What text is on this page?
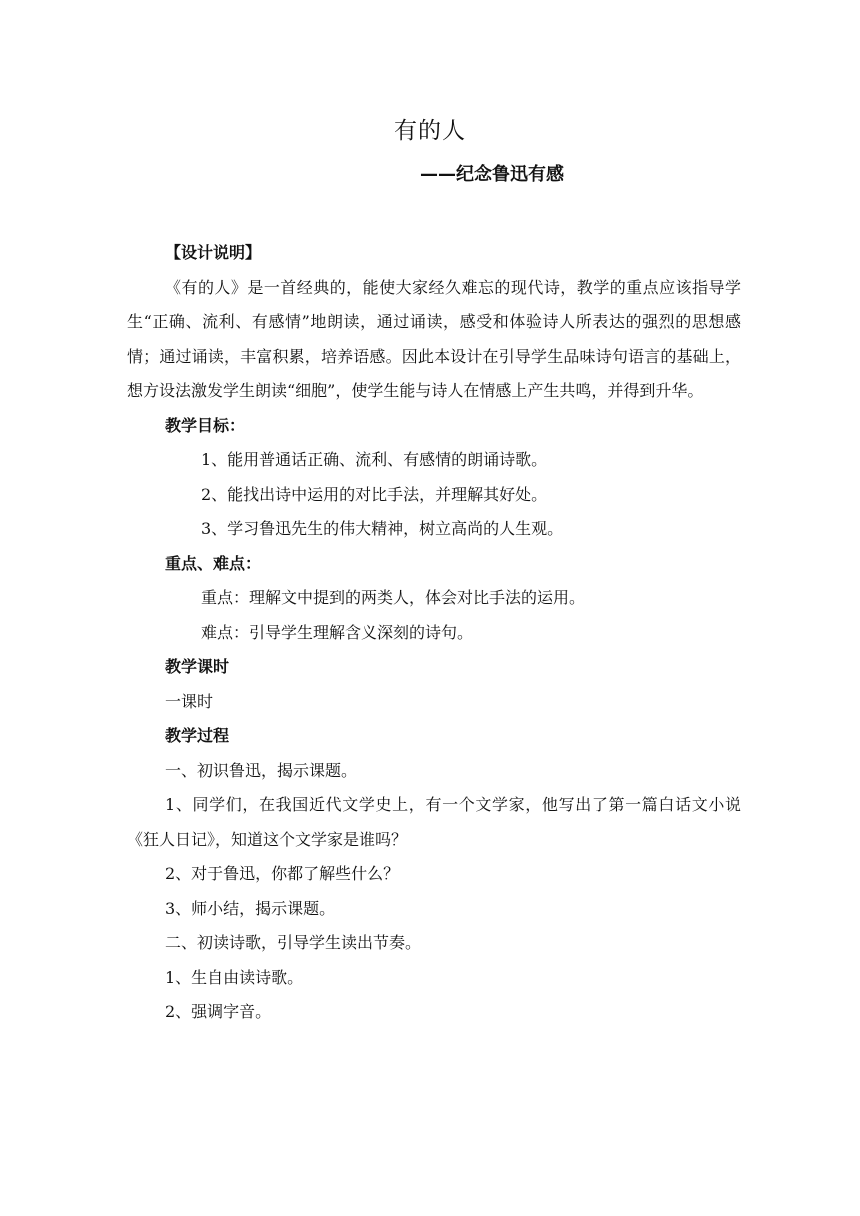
有的人
——纪念鲁迅有感

【设计说明】

《有的人》是一首经典的，能使大家经久难忘的现代诗，教学的重点应该指导学生“正确、流利、有感情”地朗读，通过诵读，感受和体验诗人所表达的强烈的思想感情；通过诵读，丰富积累，培养语感。因此本设计在引导学生品味诗句语言的基础上，想方设法激发学生朗读“细胞”，使学生能与诗人在情感上产生共鸣，并得到升华。

教学目标：

1、能用普通话正确、流利、有感情的朗诵诗歌。

2、能找出诗中运用的对比手法，并理解其好处。

3、学习鲁迅先生的伟大精神，树立高尚的人生观。

重点、难点：

重点：理解文中提到的两类人，体会对比手法的运用。

难点：引导学生理解含义深刻的诗句。

教学课时

一课时

教学过程

一、初识鲁迅，揭示课题。

1、同学们，在我国近代文学史上，有一个文学家，他写出了第一篇白话文小说《狂人日记》，知道这个文学家是谁吗？

2、对于鲁迅，你都了解些什么？

3、师小结，揭示课题。

二、初读诗歌，引导学生读出节奏。

1、生自由读诗歌。

2、强调字音。
